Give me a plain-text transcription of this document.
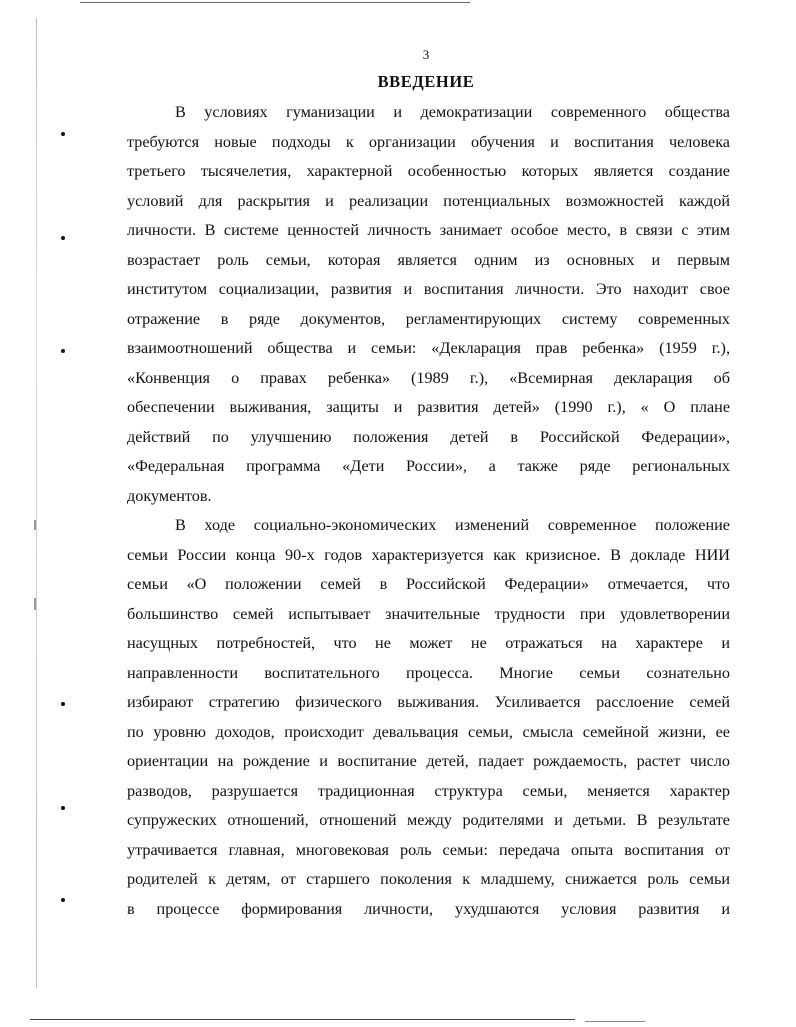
3
ВВЕДЕНИЕ
В условиях гуманизации и демократизации современного общества
требуются новые подходы к организации обучения и воспитания человека
третьего тысячелетия, характерной особенностью которых является создание
условий для раскрытия и реализации потенциальных возможностей каждой
личности. В системе ценностей личность занимает особое место, в связи с этим
возрастает роль семьи, которая является одним из основных и первым
институтом социализации, развития и воспитания личности. Это находит свое
отражение в ряде документов, регламентирующих систему современных
взаимоотношений общества и семьи: «Декларация прав ребенка» (1959 г.),
«Конвенция о правах ребенка» (1989 г.), «Всемирная декларация об
обеспечении выживания, защиты и развития детей» (1990 г.), « О плане
действий по улучшению положения детей в Российской Федерации»,
«Федеральная программа «Дети России», а также ряде региональных
документов.
В ходе социально-экономических изменений современное положение
семьи России конца 90-х годов характеризуется как кризисное. В докладе НИИ
семьи «О положении семей в Российской Федерации» отмечается, что
большинство семей испытывает значительные трудности при удовлетворении
насущных потребностей, что не может не отражаться на характере и
направленности воспитательного процесса. Многие семьи сознательно
избирают стратегию физического выживания. Усиливается расслоение семей
по уровню доходов, происходит девальвация семьи, смысла семейной жизни, ее
ориентации на рождение и воспитание детей, падает рождаемость, растет число
разводов, разрушается традиционная структура семьи, меняется характер
супружеских отношений, отношений между родителями и детьми. В результате
утрачивается главная, многовековая роль семьи: передача опыта воспитания от
родителей к детям, от старшего поколения к младшему, снижается роль семьи
в процессе формирования личности, ухудшаются условия развития и
